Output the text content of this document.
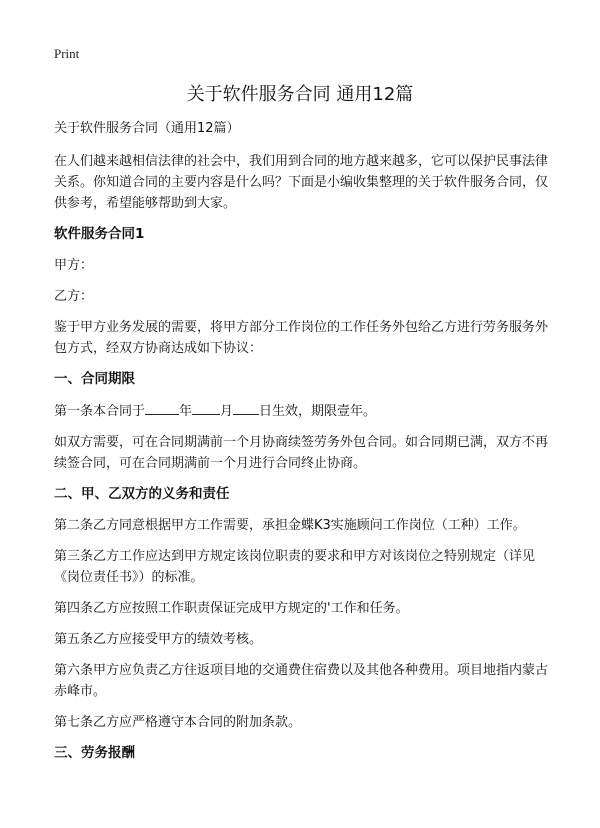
Print
关于软件服务合同 通用12篇

关于软件服务合同（通用12篇）

在人们越来越相信法律的社会中，我们用到合同的地方越来越多，它可以保护民事法律关系。你知道合同的主要内容是什么吗？下面是小编收集整理的关于软件服务合同，仅供参考，希望能够帮助到大家。

软件服务合同1

甲方：

乙方：

鉴于甲方业务发展的需要，将甲方部分工作岗位的工作任务外包给乙方进行劳务服务外包方式，经双方协商达成如下协议：

一、合同期限

第一条本合同于	年 月 日生效，期限壹年。

如双方需要，可在合同期满前一个月协商续签劳务外包合同。如合同期已满，双方不再续签合同，可在合同期满前一个月进行合同终止协商。

二、甲、乙双方的义务和责任

第二条乙方同意根据甲方工作需要，承担金蝶K3实施顾问工作岗位（工种）工作。

第三条乙方工作应达到甲方规定该岗位职责的要求和甲方对该岗位之特别规定（详见《岗位责任书》）的标准。

第四条乙方应按照工作职责保证完成甲方规定的'工作和任务。

第五条乙方应接受甲方的绩效考核。

第六条甲方应负责乙方往返项目地的交通费住宿费以及其他各种费用。项目地指内蒙古赤峰市。

第七条乙方应严格遵守本合同的附加条款。

三、劳务报酬
